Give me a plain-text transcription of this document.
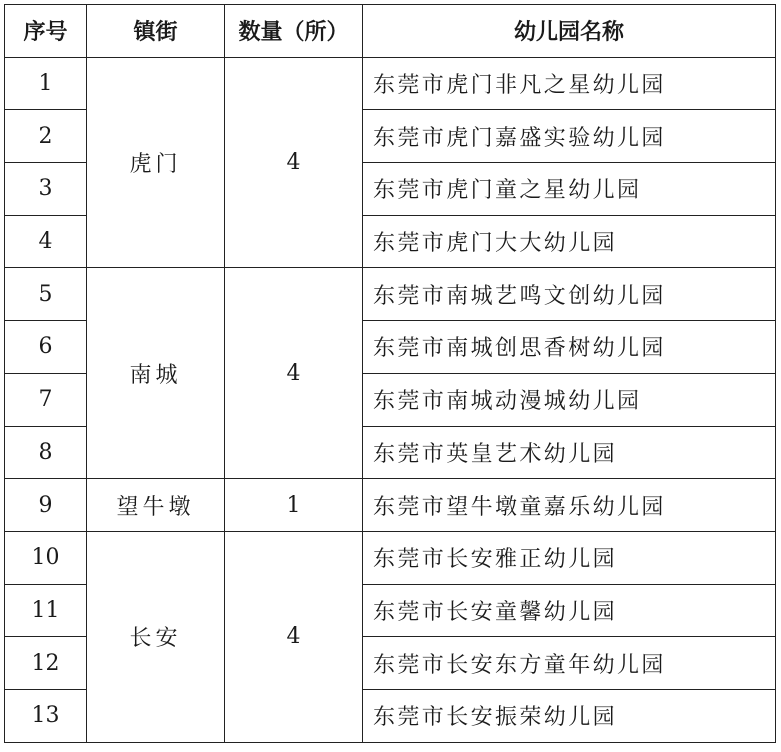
序号	镇街	数量（所）	幼儿园名称
1	虎门	4	东莞市虎门非凡之星幼儿园
2			东莞市虎门嘉盛实验幼儿园
3			东莞市虎门童之星幼儿园
4			东莞市虎门大大幼儿园
5	南城	4	东莞市南城艺鸣文创幼儿园
6			东莞市南城创思香树幼儿园
7			东莞市南城动漫城幼儿园
8			东莞市英皇艺术幼儿园
9	望牛墩	1	东莞市望牛墩童嘉乐幼儿园
10	长安	4	东莞市长安雅正幼儿园
11			东莞市长安童馨幼儿园
12			东莞市长安东方童年幼儿园
13			东莞市长安振荣幼儿园
